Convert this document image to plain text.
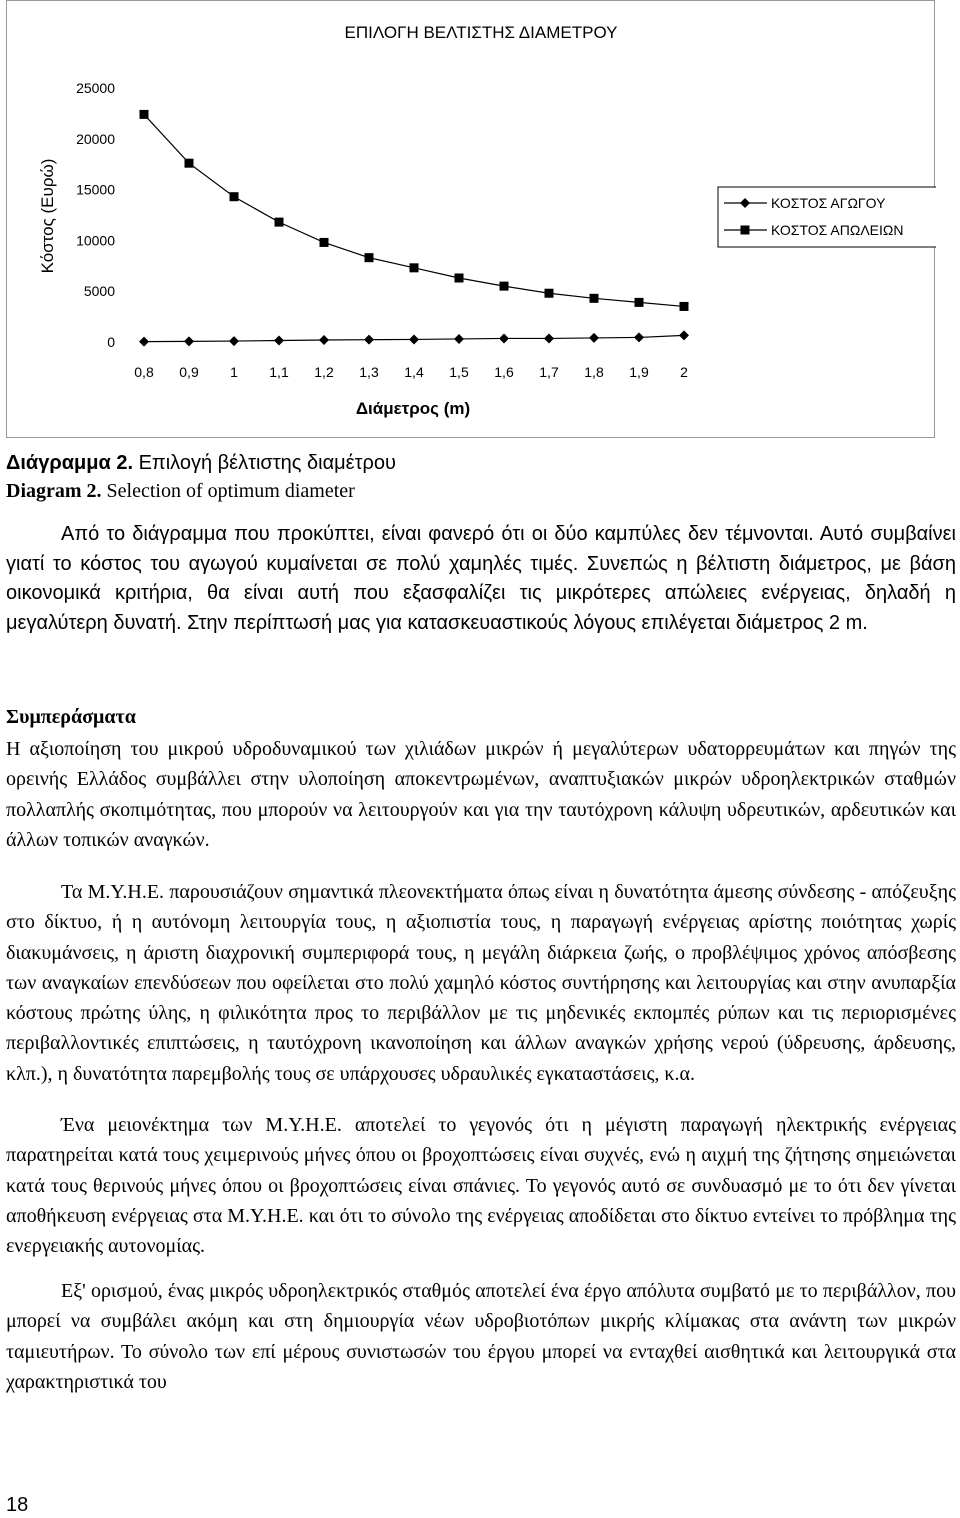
ΕΠΙΛΟΓΗ ΒΕΛΤΙΣΤΗΣ ΔΙΑΜΕΤΡΟΥ
0
5000
10000
15000
20000
25000
0,8 0,9 1 1,1 1,2 1,3 1,4 1,5 1,6 1,7 1,8 1,9 2
Κόστος (Ευρώ)
Διάμετρος (m)
ΚΟΣΤΟΣ ΑΓΩΓΟΥ
ΚΟΣΤΟΣ ΑΠΩΛΕΙΩΝ
Διάγραμμα 2. Επιλογή βέλτιστης διαμέτρου
Diagram 2. Selection of optimum diameter

Από το διάγραμμα που προκύπτει, είναι φανερό ότι οι δύο καμπύλες δεν τέμνονται. Αυτό συμβαίνει γιατί το κόστος του αγωγού κυμαίνεται σε πολύ χαμηλές τιμές. Συνεπώς η βέλτιστη διάμετρος, με βάση οικονομικά κριτήρια, θα είναι αυτή που εξασφαλίζει τις μικρότερες απώλειες ενέργειας, δηλαδή η μεγαλύτερη δυνατή. Στην περίπτωσή μας για κατασκευαστικούς λόγους επιλέγεται διάμετρος 2 m.

Συμπεράσματα

Η αξιοποίηση του μικρού υδροδυναμικού των χιλιάδων μικρών ή μεγαλύτερων υδατορρευμάτων και πηγών της ορεινής Ελλάδος συμβάλλει στην υλοποίηση αποκεντρωμένων, αναπτυξιακών μικρών υδροηλεκτρικών σταθμών πολλαπλής σκοπιμότητας, που μπορούν να λειτουργούν και για την ταυτόχρονη κάλυψη υδρευτικών, αρδευτικών και άλλων τοπικών αναγκών.

Τα Μ.Υ.Η.Ε. παρουσιάζουν σημαντικά πλεονεκτήματα όπως είναι η δυνατότητα άμεσης σύνδεσης - απόζευξης στο δίκτυο, ή η αυτόνομη λειτουργία τους, η αξιοπιστία τους, η παραγωγή ενέργειας αρίστης ποιότητας χωρίς διακυμάνσεις, η άριστη διαχρονική συμπεριφορά τους, η μεγάλη διάρκεια ζωής, ο προβλέψιμος χρόνος απόσβεσης των αναγκαίων επενδύσεων που οφείλεται στο πολύ χαμηλό κόστος συντήρησης και λειτουργίας και στην ανυπαρξία κόστους πρώτης ύλης, η φιλικότητα προς το περιβάλλον με τις μηδενικές εκπομπές ρύπων και τις περιορισμένες περιβαλλοντικές επιπτώσεις, η ταυτόχρονη ικανοποίηση και άλλων αναγκών χρήσης νερού (ύδρευσης, άρδευσης, κλπ.), η δυνατότητα παρεμβολής τους σε υπάρχουσες υδραυλικές εγκαταστάσεις, κ.α.

Ένα μειονέκτημα των Μ.Υ.Η.Ε. αποτελεί το γεγονός ότι η μέγιστη παραγωγή ηλεκτρικής ενέργειας παρατηρείται κατά τους χειμερινούς μήνες όπου οι βροχοπτώσεις είναι συχνές, ενώ η αιχμή της ζήτησης σημειώνεται κατά τους θερινούς μήνες όπου οι βροχοπτώσεις είναι σπάνιες. Το γεγονός αυτό σε συνδυασμό με το ότι δεν γίνεται αποθήκευση ενέργειας στα Μ.Υ.Η.Ε. και ότι το σύνολο της ενέργειας αποδίδεται στο δίκτυο εντείνει το πρόβλημα της ενεργειακής αυτονομίας.

Εξ' ορισμού, ένας μικρός υδροηλεκτρικός σταθμός αποτελεί ένα έργο απόλυτα συμβατό με το περιβάλλον, που μπορεί να συμβάλει ακόμη και στη δημιουργία νέων υδροβιοτόπων μικρής κλίμακας στα ανάντη των μικρών ταμιευτήρων. Το σύνολο των επί μέρους συνιστωσών του έργου μπορεί να ενταχθεί αισθητικά και λειτουργικά στα χαρακτηριστικά του

18
